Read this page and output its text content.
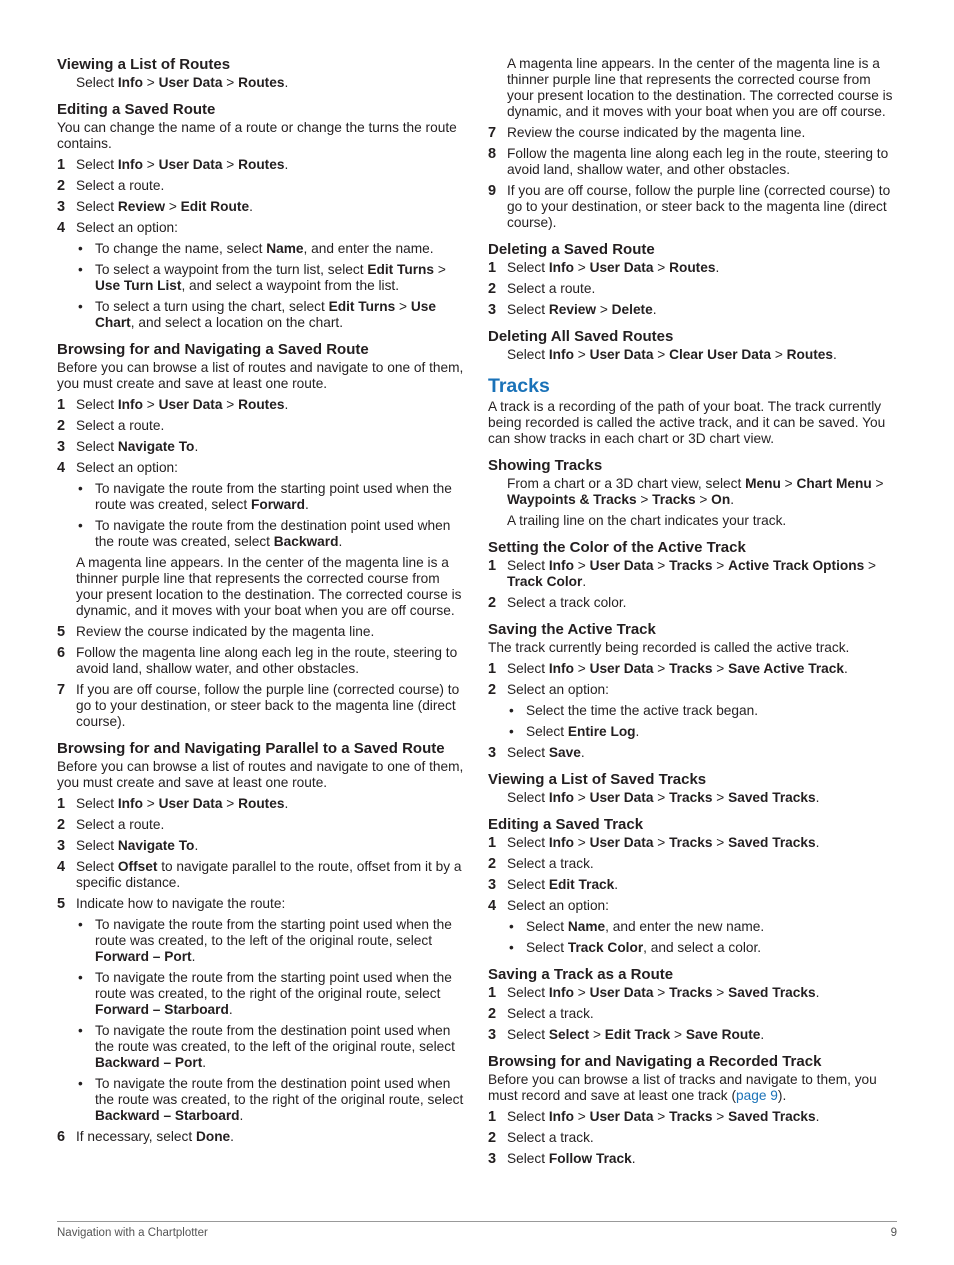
Viewing a List of Routes

Select Info > User Data > Routes.

Editing a Saved Route

You can change the name of a route or change the turns the route contains.

1 Select Info > User Data > Routes.
2 Select a route.
3 Select Review > Edit Route.
4 Select an option:
• To change the name, select Name, and enter the name.
• To select a waypoint from the turn list, select Edit Turns > Use Turn List, and select a waypoint from the list.
• To select a turn using the chart, select Edit Turns > Use Chart, and select a location on the chart.
Browsing for and Navigating a Saved Route

Before you can browse a list of routes and navigate to one of them, you must create and save at least one route.

1 Select Info > User Data > Routes.
2 Select a route.
3 Select Navigate To.
4 Select an option:
• To navigate the route from the starting point used when the route was created, select Forward.
• To navigate the route from the destination point used when the route was created, select Backward.
A magenta line appears. In the center of the magenta line is a thinner purple line that represents the corrected course from your present location to the destination. The corrected course is dynamic, and it moves with your boat when you are off course.
5 Review the course indicated by the magenta line.
6 Follow the magenta line along each leg in the route, steering to avoid land, shallow water, and other obstacles.
7 If you are off course, follow the purple line (corrected course) to go to your destination, or steer back to the magenta line (direct course).
Browsing for and Navigating Parallel to a Saved Route

Before you can browse a list of routes and navigate to one of them, you must create and save at least one route.

1 Select Info > User Data > Routes.
2 Select a route.
3 Select Navigate To.
4 Select Offset to navigate parallel to the route, offset from it by a specific distance.
5 Indicate how to navigate the route:
• To navigate the route from the starting point used when the route was created, to the left of the original route, select Forward – Port.
• To navigate the route from the starting point used when the route was created, to the right of the original route, select Forward – Starboard.
• To navigate the route from the destination point used when the route was created, to the left of the original route, select Backward – Port.
• To navigate the route from the destination point used when the route was created, to the right of the original route, select Backward – Starboard.
6 If necessary, select Done.

A magenta line appears. In the center of the magenta line is a thinner purple line that represents the corrected course from your present location to the destination. The corrected course is dynamic, and it moves with your boat when you are off course.

7 Review the course indicated by the magenta line.
8 Follow the magenta line along each leg in the route, steering to avoid land, shallow water, and other obstacles.
9 If you are off course, follow the purple line (corrected course) to go to your destination, or steer back to the magenta line (direct course).
Deleting a Saved Route
1 Select Info > User Data > Routes.
2 Select a route.
3 Select Review > Delete.
Deleting All Saved Routes

Select Info > User Data > Clear User Data > Routes.

Tracks

A track is a recording of the path of your boat. The track currently being recorded is called the active track, and it can be saved. You can show tracks in each chart or 3D chart view.

Showing Tracks

From a chart or a 3D chart view, select Menu > Chart Menu > Waypoints & Tracks > Tracks > On.

A trailing line on the chart indicates your track.

Setting the Color of the Active Track
1 Select Info > User Data > Tracks > Active Track Options > Track Color.
2 Select a track color.
Saving the Active Track

The track currently being recorded is called the active track.

1 Select Info > User Data > Tracks > Save Active Track.
2 Select an option:
• Select the time the active track began.
• Select Entire Log.
3 Select Save.
Viewing a List of Saved Tracks

Select Info > User Data > Tracks > Saved Tracks.

Editing a Saved Track
1 Select Info > User Data > Tracks > Saved Tracks.
2 Select a track.
3 Select Edit Track.
4 Select an option:
• Select Name, and enter the new name.
• Select Track Color, and select a color.
Saving a Track as a Route
1 Select Info > User Data > Tracks > Saved Tracks.
2 Select a track.
3 Select Select > Edit Track > Save Route.
Browsing for and Navigating a Recorded Track

Before you can browse a list of tracks and navigate to them, you must record and save at least one track (page 9).

1 Select Info > User Data > Tracks > Saved Tracks.
2 Select a track.
3 Select Follow Track.
Navigation with a Chartplotter	9
